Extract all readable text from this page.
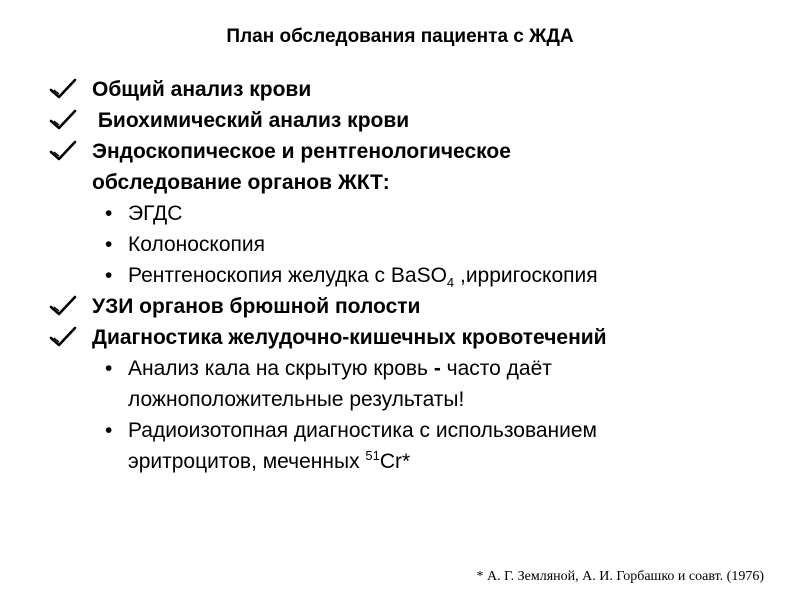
План обследования пациента с ЖДА
Общий анализ крови
Биохимический анализ крови
Эндоскопическое и рентгенологическое
обследование органов ЖКТ:
• ЭГДС
• Колоноскопия
• Рентгеноскопия желудка с BaSO$_4$ ,ирригоскопия
УЗИ органов брюшной полости
Диагностика желудочно-кишечных кровотечений
• Анализ кала на скрытую кровь - часто даёт
ложноположительные результаты!
• Радиоизотопная диагностика с использованием
эритроцитов, меченных $^{51}$Cr*
* А. Г. Земляной, А. И. Горбашко и соавт. (1976)
